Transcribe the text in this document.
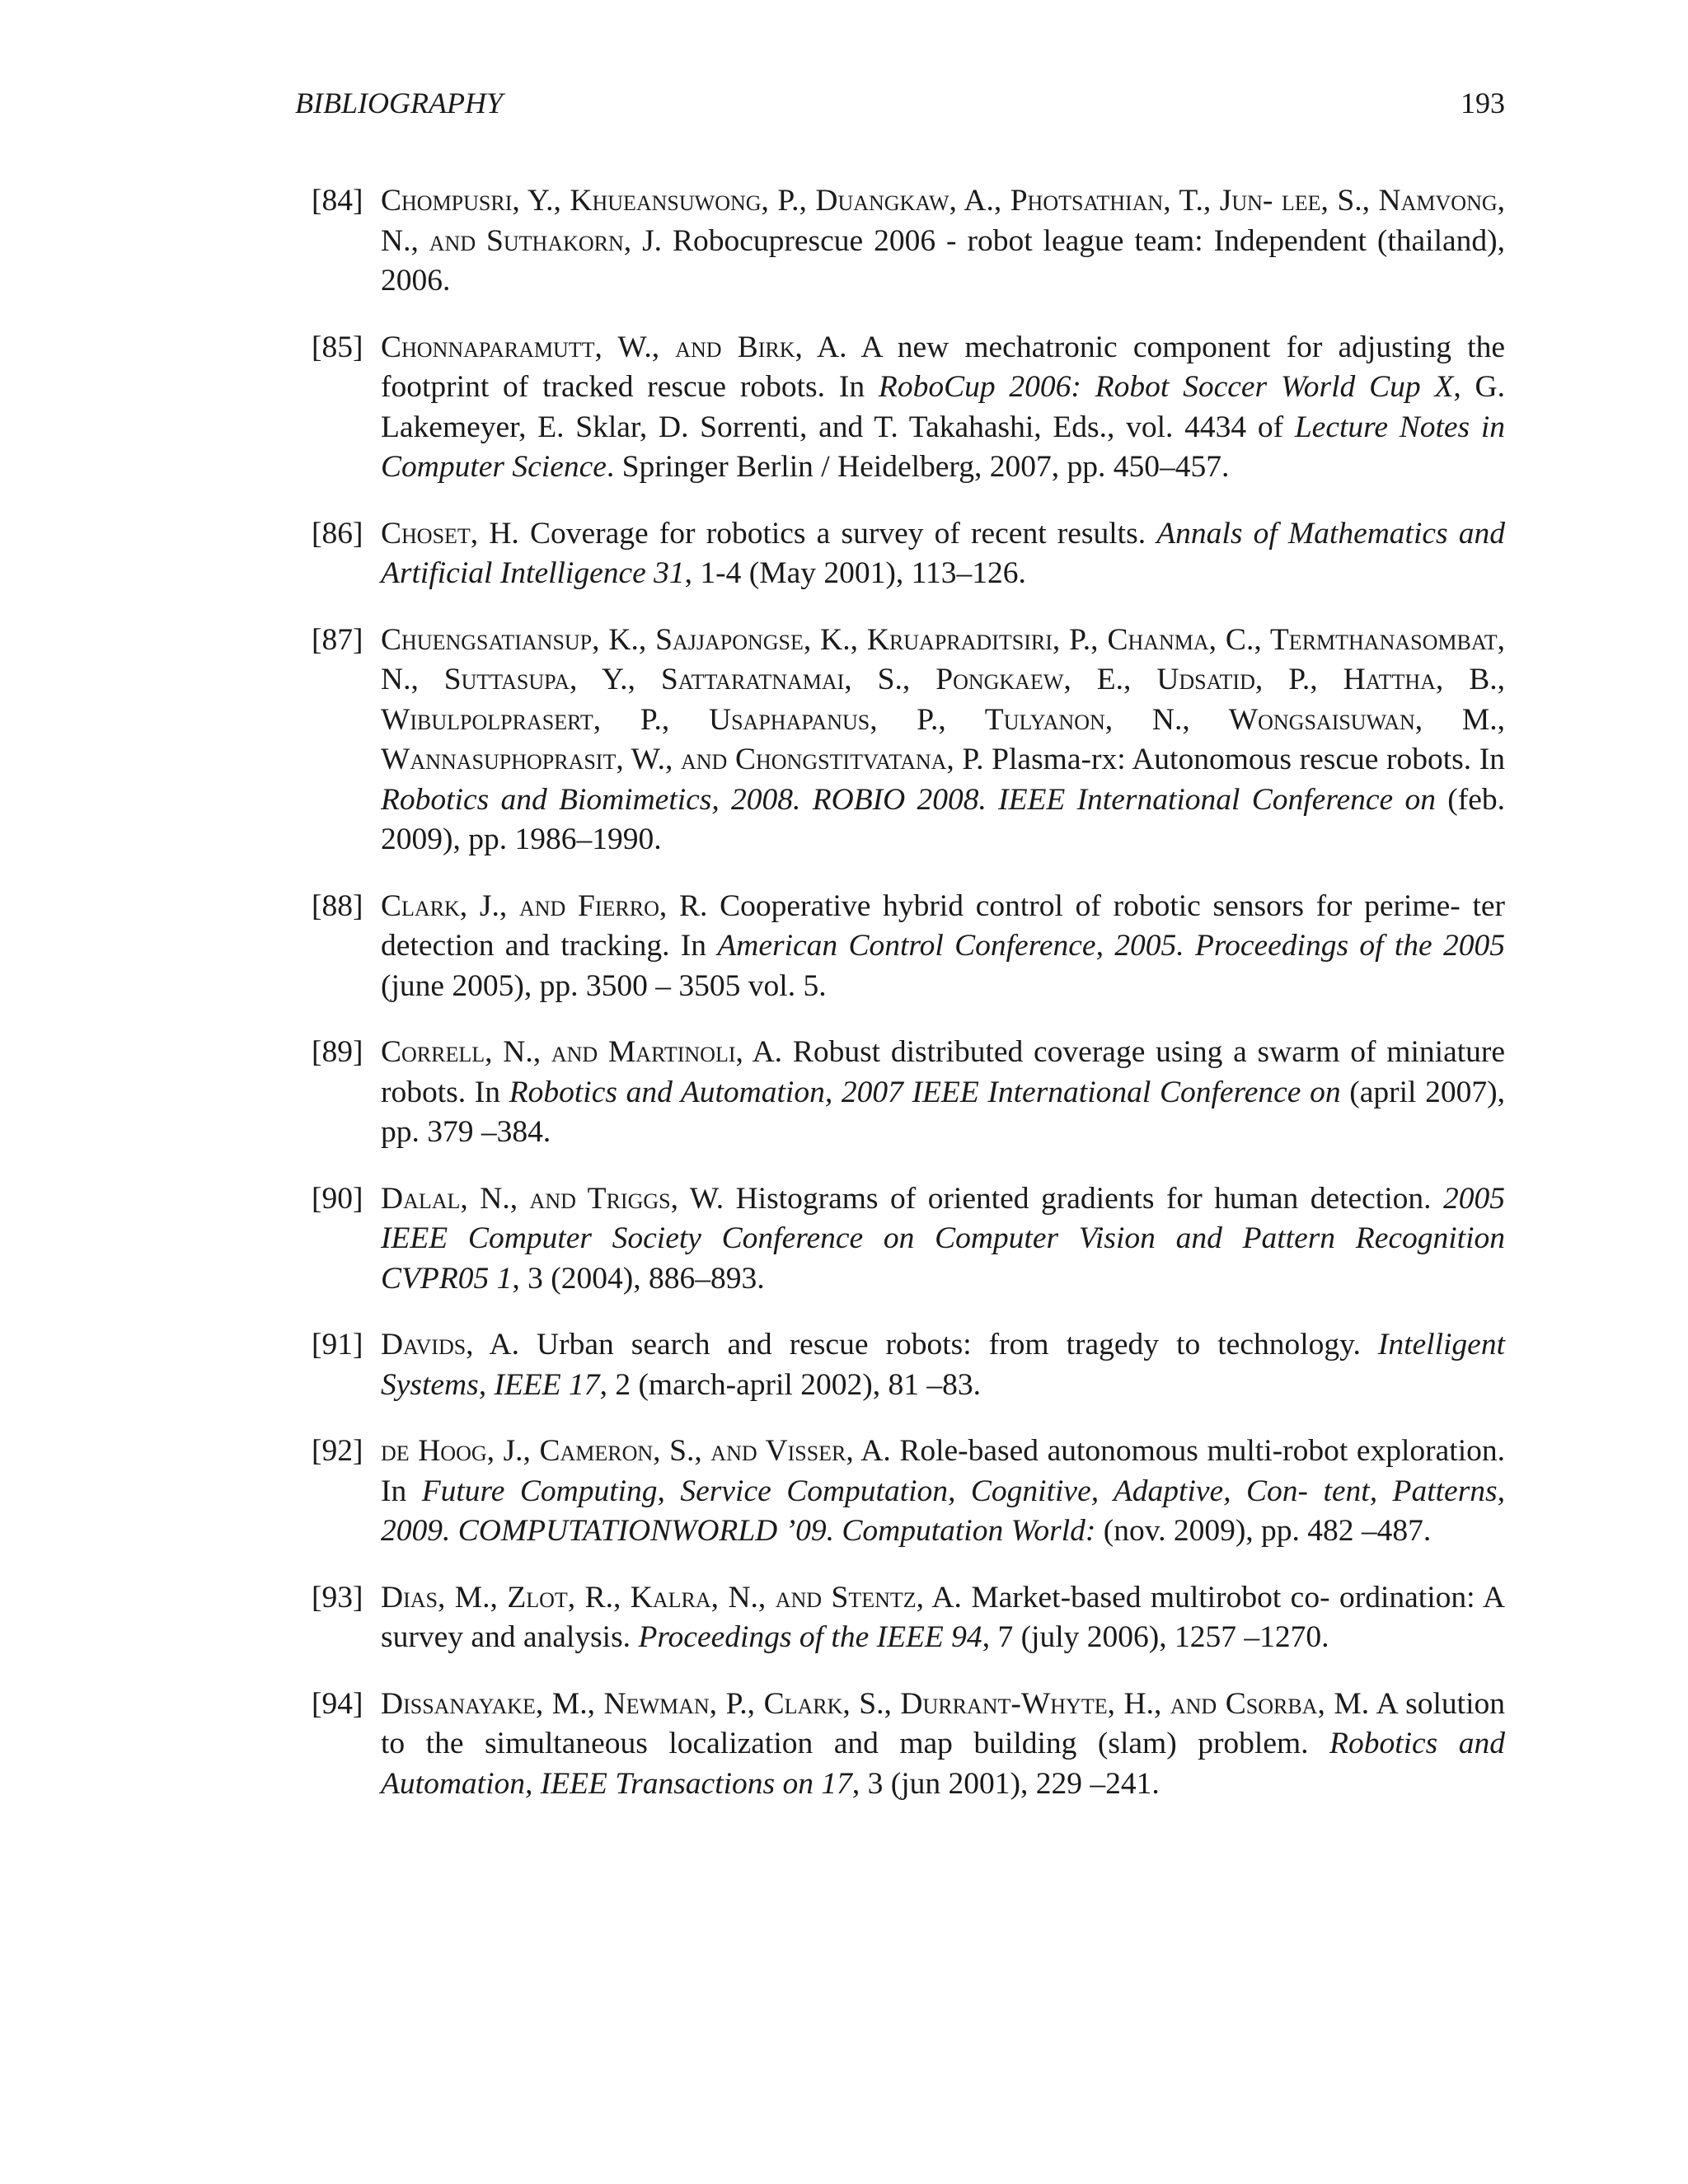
BIBLIOGRAPHY	193
[84] Chompusri, Y., Khueansuwong, P., Duangkaw, A., Photsathian, T., Jun- lee, S., Namvong, N., and Suthakorn, J. Robocuprescue 2006 - robot league team: Independent (thailand), 2006.
[85] Chonnaparamutt, W., and Birk, A. A new mechatronic component for adjusting the footprint of tracked rescue robots. In RoboCup 2006: Robot Soccer World Cup X, G. Lakemeyer, E. Sklar, D. Sorrenti, and T. Takahashi, Eds., vol. 4434 of Lecture Notes in Computer Science. Springer Berlin / Heidelberg, 2007, pp. 450–457.
[86] Choset, H. Coverage for robotics a survey of recent results. Annals of Mathematics and Artificial Intelligence 31, 1-4 (May 2001), 113–126.
[87] Chuengsatiansup, K., Sajjapongse, K., Kruapraditsiri, P., Chanma, C., Termthanasombat, N., Suttasupa, Y., Sattaratnamai, S., Pongkaew, E., Udsatid, P., Hattha, B., Wibulpolprasert, P., Usaphapanus, P., Tulyanon, N., Wongsaisuwan, M., Wannasuphoprasit, W., and Chongstitvatana, P. Plasma-rx: Autonomous rescue robots. In Robotics and Biomimetics, 2008. ROBIO 2008. IEEE International Conference on (feb. 2009), pp. 1986–1990.
[88] Clark, J., and Fierro, R. Cooperative hybrid control of robotic sensors for perime- ter detection and tracking. In American Control Conference, 2005. Proceedings of the 2005 (june 2005), pp. 3500 – 3505 vol. 5.
[89] Correll, N., and Martinoli, A. Robust distributed coverage using a swarm of miniature robots. In Robotics and Automation, 2007 IEEE International Conference on (april 2007), pp. 379 –384.
[90] Dalal, N., and Triggs, W. Histograms of oriented gradients for human detection. 2005 IEEE Computer Society Conference on Computer Vision and Pattern Recognition CVPR05 1, 3 (2004), 886–893.
[91] Davids, A. Urban search and rescue robots: from tragedy to technology. Intelligent Systems, IEEE 17, 2 (march-april 2002), 81 –83.
[92] de Hoog, J., Cameron, S., and Visser, A. Role-based autonomous multi-robot exploration. In Future Computing, Service Computation, Cognitive, Adaptive, Con- tent, Patterns, 2009. COMPUTATIONWORLD ’09. Computation World: (nov. 2009), pp. 482 –487.
[93] Dias, M., Zlot, R., Kalra, N., and Stentz, A. Market-based multirobot co- ordination: A survey and analysis. Proceedings of the IEEE 94, 7 (july 2006), 1257 –1270.
[94] Dissanayake, M., Newman, P., Clark, S., Durrant-Whyte, H., and Csorba, M. A solution to the simultaneous localization and map building (slam) problem. Robotics and Automation, IEEE Transactions on 17, 3 (jun 2001), 229 –241.
